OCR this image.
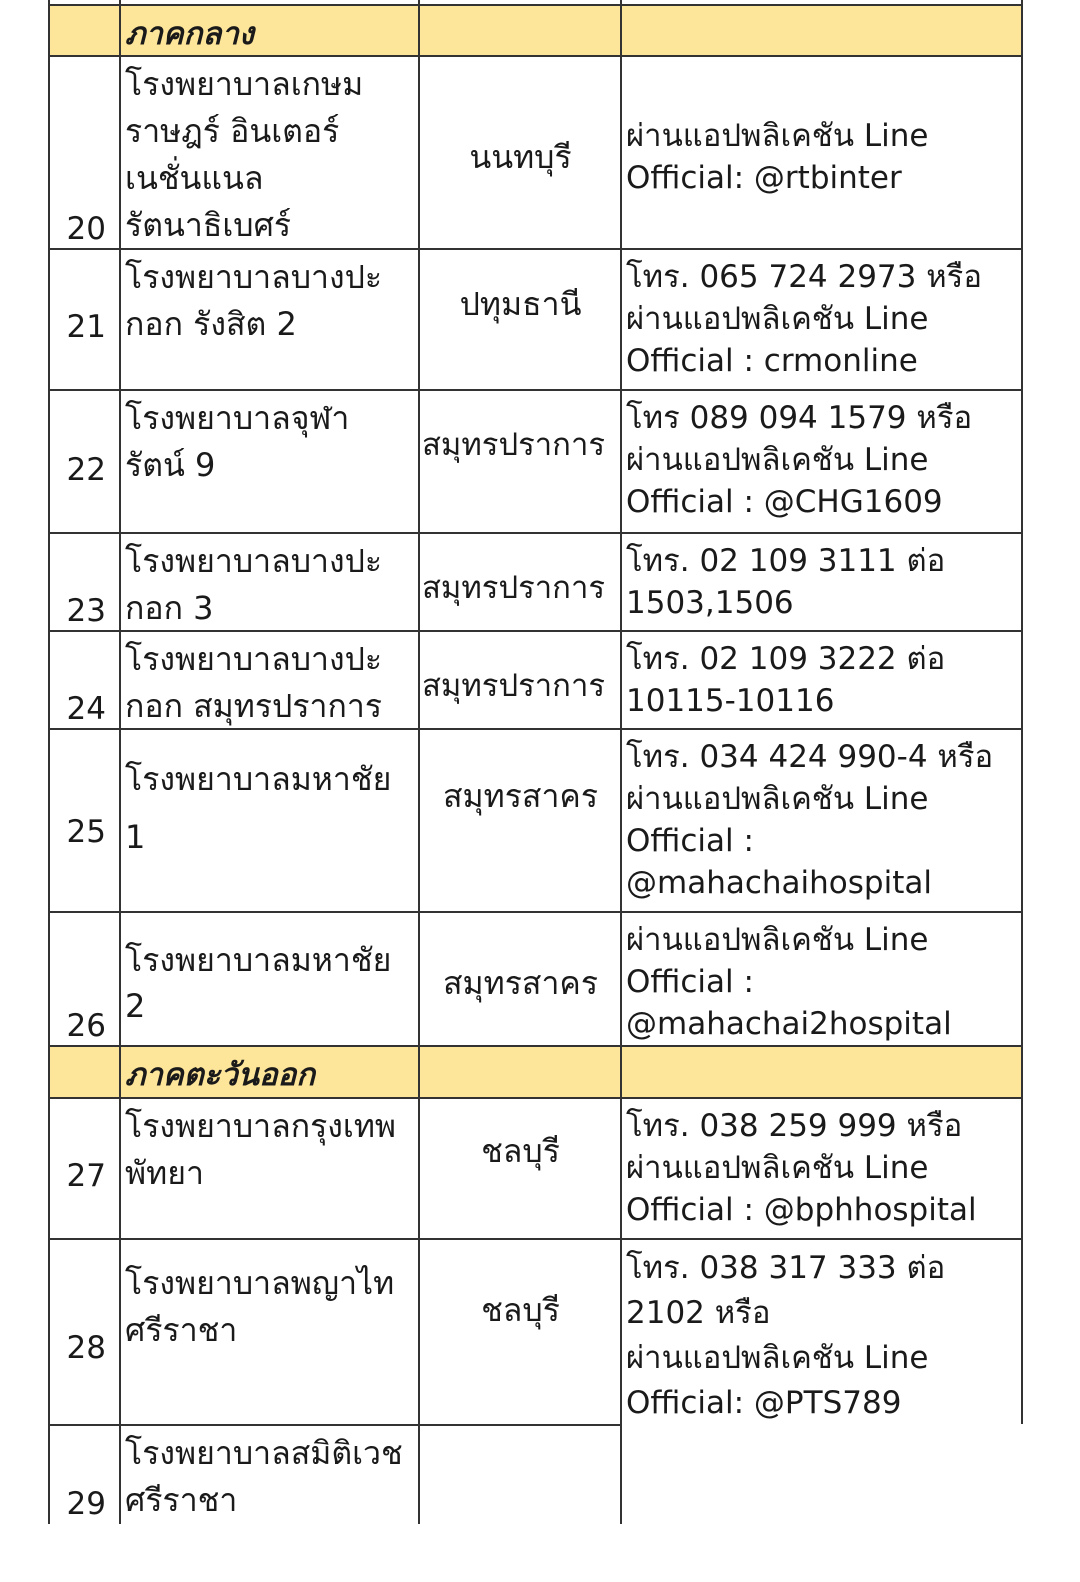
ภาคกลาง
20
โรงพยาบาลเกษม
ราษฎร์ อินเตอร์
เนชั่นแนล
รัตนาธิเบศร์
นนทบุรี
ผ่านแอปพลิเคชัน Line
Official: @rtbinter
21
โรงพยาบาลบางปะ
กอก รังสิต 2
ปทุมธานี
โทร. 065 724 2973 หรือ
ผ่านแอปพลิเคชัน Line
Official : crmonline
22
โรงพยาบาลจุฬา
รัตน์ 9
สมุทรปราการ
โทร 089 094 1579 หรือ
ผ่านแอปพลิเคชัน Line
Official : @CHG1609
23
โรงพยาบาลบางปะ
กอก 3
สมุทรปราการ
โทร. 02 109 3111 ต่อ
1503,1506
24
โรงพยาบาลบางปะ
กอก สมุทรปราการ
สมุทรปราการ
โทร. 02 109 3222 ต่อ
10115-10116
25
โรงพยาบาลมหาชัย
1
สมุทรสาคร
โทร. 034 424 990-4 หรือ
ผ่านแอปพลิเคชัน Line
Official :
@mahachaihospital
26
โรงพยาบาลมหาชัย
2
สมุทรสาคร
ผ่านแอปพลิเคชัน Line
Official :
@mahachai2hospital
ภาคตะวันออก
27
โรงพยาบาลกรุงเทพ
พัทยา
ชลบุรี
โทร. 038 259 999 หรือ
ผ่านแอปพลิเคชัน Line
Official : @bphhospital
28
โรงพยาบาลพญาไท
ศรีราชา
ชลบุรี
โทร. 038 317 333 ต่อ
2102 หรือ
ผ่านแอปพลิเคชัน Line
Official: @PTS789
29
โรงพยาบาลสมิติเวช
ศรีราชา
